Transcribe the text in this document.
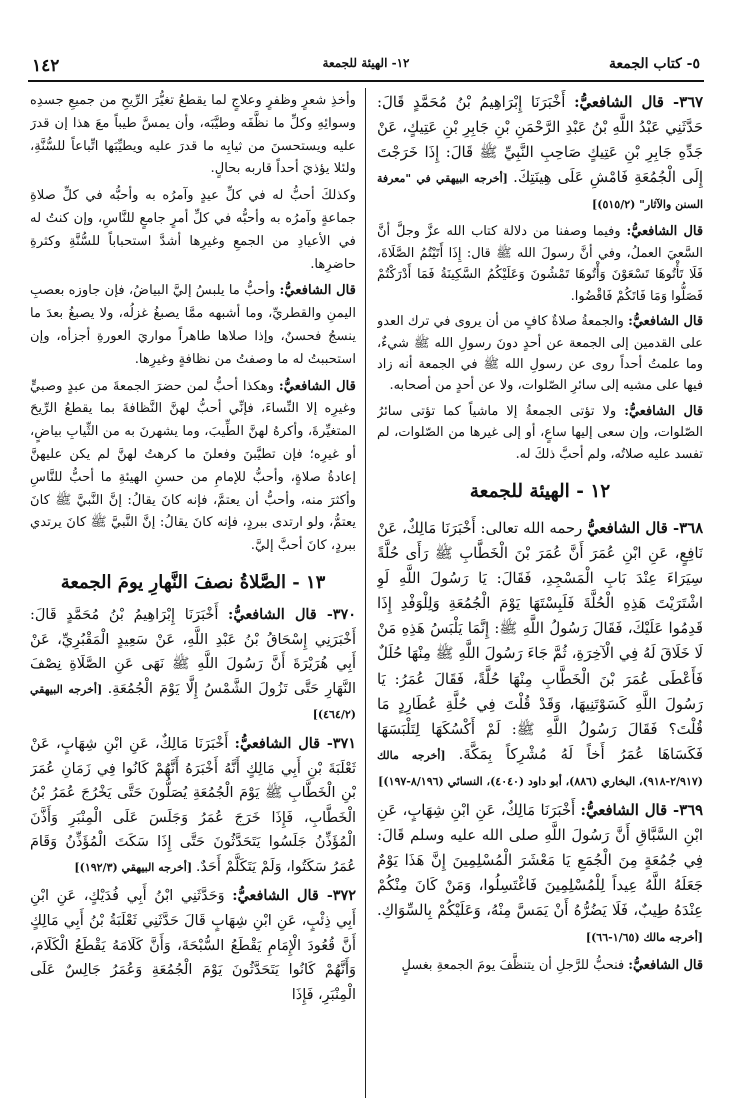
٥- كتاب الجمعة
١٢- الهيئة للجمعة
١٤٢

٣٦٧- قال الشافعيُّ: أَخْبَرَنَا إِبْرَاهِيمُ بْنُ مُحَمَّدٍ قَالَ: حَدَّثَنِي عَبْدُ اللَّهِ بْنُ عَبْدِ الرَّحْمَنِ بْنِ جَابِرِ بْنِ عَتِيكٍ، عَنْ جَدِّهِ جَابِرِ بْنِ عَتِيكٍ صَاحِبِ النَّبِيِّ ﷺ قَالَ: إِذَا خَرَجْتَ إِلَى الْجُمُعَةِ فَامْشِ عَلَى هِينَتِكَ. [أخرجه البيهقي في "معرفة السنن والآثار" (٥١٥/٢)]

قال الشافعيُّ: وفيما وصفنا من دلالة كتاب الله عزَّ وجلَّ أنَّ السَّعيَ العملُ، وفي أنَّ رسولَ الله ﷺ قال: إِذَا أَتَيْتُمُ الصَّلَاةَ، فَلَا تَأْتُوهَا تَسْعَوْنَ وَأْتُوهَا تَمْشُونَ وَعَلَيْكُمُ السَّكِينَةُ فَمَا أَدْرَكْتُمْ فَصَلُّوا وَمَا فَاتَكُمْ فَاقْضُوا.

قال الشافعيُّ: والجمعةُ صلاةٌ كافٍ من أن يروى في ترك العدو على القدمين إلى الجمعة عن أحدٍ دونَ رسولِ الله ﷺ شيءٌ، وما علمتُ أحداً روى عن رسولِ الله ﷺ في الجمعة أنه زاد فيها على مشيه إلى سائرِ الصّلوات، ولا عن أحدٍ من أصحابه.

قال الشافعيُّ: ولا تؤتى الجمعةُ إلا ماشياً كما تؤتى سائرُ الصّلوات، وإن سعى إليها ساعٍ، أو إلى غيرها من الصّلوات، لم تفسد عليه صلاتُه، ولم أحبَّ ذلكَ له.

١٢ - الهيئة للجمعة

٣٦٨- قال الشافعيُّ رحمه الله تعالى: أَخْبَرَنَا مَالِكٌ، عَنْ نَافِعٍ، عَنِ ابْنِ عُمَرَ أَنَّ عُمَرَ بْنَ الْخَطَّابِ ﷺ رَأَى حُلَّةً سِيَرَاءَ عِنْدَ بَابِ الْمَسْجِدِ، فَقَالَ: يَا رَسُولَ اللَّهِ لَوِ اشْتَرَيْتَ هَذِهِ الْحُلَّةَ فَلَبِسْتَهَا يَوْمَ الْجُمُعَةِ وَلِلْوَفْدِ إِذَا قَدِمُوا عَلَيْكَ، فَقَالَ رَسُولُ اللَّهِ ﷺ: إِنَّمَا يَلْبَسُ هَذِهِ مَنْ لَا خَلَاقَ لَهُ فِي الْآخِرَةِ، ثُمَّ جَاءَ رَسُولَ اللَّهِ ﷺ مِنْهَا حُلَلٌ فَأَعْطَى عُمَرَ بْنَ الْخَطَّابِ مِنْهَا حُلَّةً، فَقَالَ عُمَرُ: يَا رَسُولَ اللَّهِ كَسَوْتَنِيهَا، وَقَدْ قُلْتَ فِي حُلَّةِ عُطَارِدٍ مَا قُلْتَ؟ فَقَالَ رَسُولُ اللَّهِ ﷺ: لَمْ أَكْسُكَهَا لِتَلْبَسَهَا فَكَسَاهَا عُمَرُ أَخاً لَهُ مُشْرِكاً بِمَكَّةَ. [أخرجه مالك (٢/٩١٧-٩١٨)، البخاري (٨٨٦)، أبو داود (٤٠٤٠)، النسائي (٨/١٩٦-١٩٧)]

٣٦٩- قال الشافعيُّ: أَخْبَرَنَا مَالِكٌ، عَنِ ابْنِ شِهَابٍ، عَنِ ابْنِ السَّبَّاقِ أَنَّ رَسُولَ اللَّهِ صلى الله عليه وسلم قَالَ: فِي جُمُعَةٍ مِنَ الْجُمَعِ يَا مَعْشَرَ الْمُسْلِمِينَ إِنَّ هَذَا يَوْمٌ جَعَلَهُ اللَّهُ عِيداً لِلْمُسْلِمِينَ فَاغْتَسِلُوا، وَمَنْ كَانَ مِنْكُمْ عِنْدَهُ طِيبٌ، فَلَا يَضُرُّهُ أَنْ يَمَسَّ مِنْهُ، وَعَلَيْكُمْ بِالسِّوَاكِ. [أخرجه مالك (١/٦٥-٦٦)]

قال الشافعيُّ: فنحبُّ للرَّجلِ أن يتنظَّفَ يومَ الجمعةِ بغسلٍ

وأخذِ شعرٍ وظفرٍ وعلاجٍ لما يقطعُ تغيُّرَ الرِّيحِ من جميعِ جسدِه وسوائِهِ وكلِّ ما نظَّفَه وطيَّبَه، وأن يمسَّ طيباً معَ هذا إن قدرَ عليه ويستحسنَ من ثيابِه ما قدرَ عليه ويطيِّبَها اتِّباعاً للسُّنَّةِ، ولئلا يؤذيَ أحداً قاربه بحالٍ.

وكذلكَ أحبُّ له في كلِّ عيدٍ وآمرُه به وأحبُّه في كلِّ صلاةِ جماعةٍ وآمرُه به وأحبُّه في كلِّ أمرٍ جامعٍ للنَّاسِ، وإن كنتُ له في الأعيادِ من الجمعِ وغيرِها أشدَّ استحباباً للسُّنَّةِ وكثرةِ حاضرِها.

قال الشافعيُّ: وأحبُّ ما يلبسُ إليَّ البياضُ، فإن جاوزه بعصبِ اليمنِ والقطريِّ، وما أشبهه ممَّا يصبغُ غزلُه، ولا يصبغُ بعدَ ما ينسجُ فحسنٌ، وإذا صلاها طاهراً مواريَ العورةِ أجزأه، وإن استحببتُ له ما وصفتُ من نظافةٍ وغيرِها.

قال الشافعيُّ: وهكذا أحبُّ لمن حضرَ الجمعةَ من عبدٍ وصبيٍّ وغيرِه إلا النِّساءَ، فإنِّي أحبُّ لهنَّ النَّظافةَ بما يقطعُ الرِّيحَ المتغيِّرةَ، وأكرهُ لهنَّ الطِّيبَ، وما يشهرنَ به من الثِّيابِ بياضٍ، أو غيرِه؛ فإن تطيَّبنَ وفعلنَ ما كرهتُ لهنَّ لم يكن عليهنَّ إعادةُ صلاةٍ، وأحبُّ للإمامِ من حسنِ الهيئةِ ما أحبُّ للنَّاسِ وأكثرَ منه، وأحبُّ أن يعتمَّ، فإنه كانَ يقالُ: إنَّ النَّبيَّ ﷺ كانَ يعتمُّ، ولو ارتدى ببردٍ، فإنه كانَ يقالُ: إنَّ النَّبيَّ ﷺ كانَ يرتدي ببردٍ، كانَ أحبَّ إليَّ.

١٣ - الصَّلاةُ نصفَ النَّهارِ يومَ الجمعة

٣٧٠- قال الشافعيُّ: أَخْبَرَنَا إِبْرَاهِيمُ بْنُ مُحَمَّدٍ قَالَ: أَخْبَرَنِي إِسْحَاقُ بْنُ عَبْدِ اللَّهِ، عَنْ سَعِيدٍ الْمَقْبُرِيِّ، عَنْ أَبِي هُرَيْرَةَ أَنَّ رَسُولَ اللَّهِ ﷺ نَهَى عَنِ الصَّلَاةِ نِصْفَ النَّهَارِ حَتَّى تَزُولَ الشَّمْسُ إِلَّا يَوْمَ الْجُمُعَةِ. [أخرجه البيهقي (٤٦٤/٢)]

٣٧١- قال الشافعيُّ: أَخْبَرَنَا مَالِكٌ، عَنِ ابْنِ شِهَابٍ، عَنْ ثَعْلَبَةَ بْنِ أَبِي مَالِكٍ أَنَّهُ أَخْبَرَهُ أَنَّهُمْ كَانُوا فِي زَمَانِ عُمَرَ بْنِ الْخَطَّابِ ﷺ يَوْمَ الْجُمُعَةِ يُصَلُّونَ حَتَّى يَخْرُجَ عُمَرُ بْنُ الْخَطَّابِ، فَإِذَا خَرَجَ عُمَرُ وَجَلَسَ عَلَى الْمِنْبَرِ وَأَذَّنَ الْمُؤَذِّنُ جَلَسُوا يَتَحَدَّثُونَ حَتَّى إِذَا سَكَتَ الْمُؤَذِّنُ وَقَامَ عُمَرُ سَكَتُوا، وَلَمْ يَتَكَلَّمْ أَحَدٌ. [أخرجه البيهقي (١٩٢/٣)]

٣٧٢- قال الشافعيُّ: وَحَدَّثَنِي ابْنُ أَبِي فُدَيْكٍ، عَنِ ابْنِ أَبِي ذِئْبٍ، عَنِ ابْنِ شِهَابٍ قَالَ حَدَّثَنِي ثَعْلَبَةُ بْنُ أَبِي مَالِكٍ أَنَّ قُعُودَ الْإِمَامِ يَقْطَعُ السُّبْحَةَ، وَأَنَّ كَلَامَهُ يَقْطَعُ الْكَلَامَ، وَأَنَّهُمْ كَانُوا يَتَحَدَّثُونَ يَوْمَ الْجُمُعَةِ وَعُمَرُ جَالِسٌ عَلَى الْمِنْبَرِ، فَإِذَا
